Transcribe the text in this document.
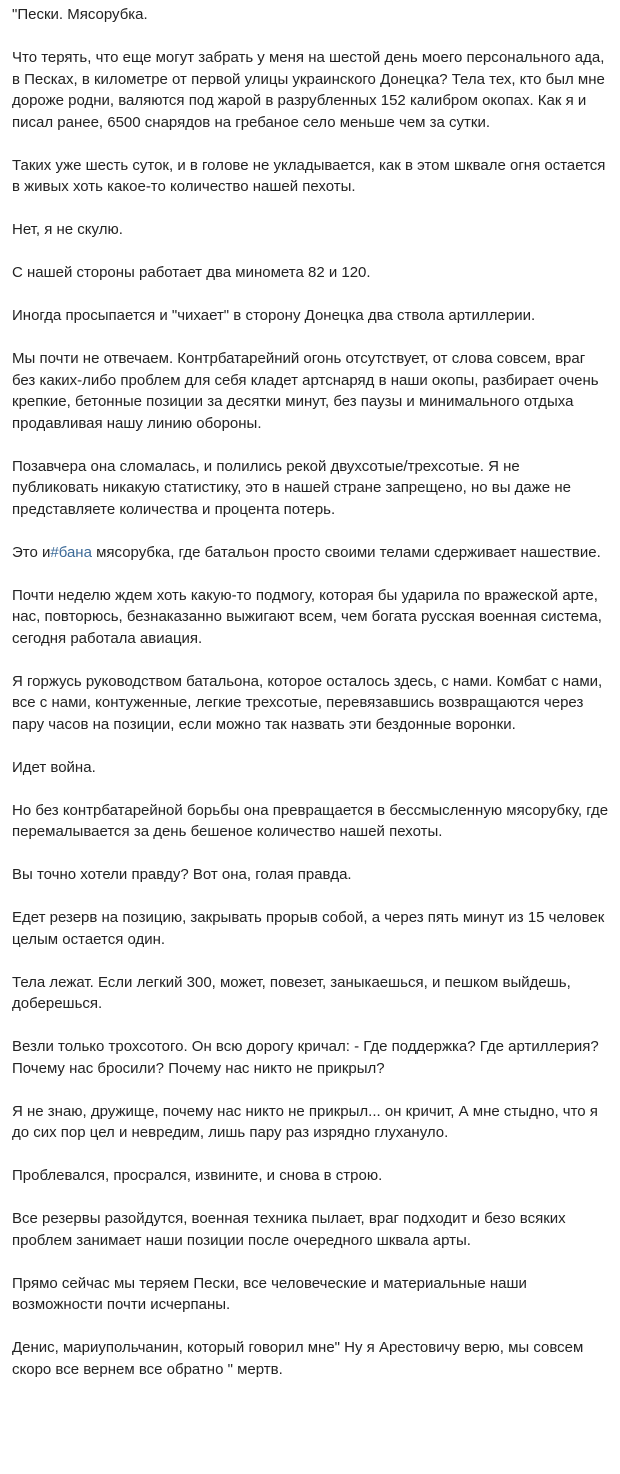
"Пески. Мясорубка.

Что терять, что еще могут забрать у меня на шестой день моего персонального ада, в Песках, в километре от первой улицы украинского Донецка? Тела тех, кто был мне дороже родни, валяются под жарой в разрубленных 152 калибром окопах. Как я и писал ранее, 6500 снарядов на гребаное село меньше чем за сутки.

Таких уже шесть суток, и в голове не укладывается, как в этом шквале огня остается в живых хоть какое-то количество нашей пехоты.

Нет, я не скулю.

С нашей стороны работает два миномета 82 и 120.

Иногда просыпается и "чихает" в сторону Донецка два ствола артиллерии.

Мы почти не отвечаем. Контрбатарейний огонь отсутствует, от слова совсем, враг без каких-либо проблем для себя кладет артснаряд в наши окопы, разбирает очень крепкие, бетонные позиции за десятки минут, без паузы и минимального отдыха продавливая нашу линию обороны.

Позавчера она сломалась, и полились рекой двухсотые/трехсотые. Я не публиковать никакую статистику, это в нашей стране запрещено, но вы даже не представляете количества и процента потерь.

Это и#бана мясорубка, где батальон просто своими телами сдерживает нашествие.

Почти неделю ждем хоть какую-то подмогу, которая бы ударила по вражеской арте, нас, повторюсь, безнаказанно выжигают всем, чем богата русская военная система, сегодня работала авиация.

Я горжусь руководством батальона, которое осталось здесь, с нами. Комбат с нами, все с нами, контуженные, легкие трехсотые, перевязавшись возвращаются через пару часов на позиции, если можно так назвать эти бездонные воронки.

Идет война.

Но без контрбатарейной борьбы она превращается в бессмысленную мясорубку, где перемалывается за день бешеное количество нашей пехоты.

Вы точно хотели правду? Вот она, голая правда.

Едет резерв на позицию, закрывать прорыв собой, а через пять минут из 15 человек целым остается один.

Тела лежат. Если легкий 300, может, повезет, заныкаешься, и пешком выйдешь, доберешься.

Везли только трохсотого. Он всю дорогу кричал: - Где поддержка? Где артиллерия? Почему нас бросили? Почему нас никто не прикрыл?

Я не знаю, дружище, почему нас никто не прикрыл... он кричит, А мне стыдно, что я до сих пор цел и невредим, лишь пару раз изрядно глухануло.

Проблевался, просрался, извините, и снова в строю.

Все резервы разойдутся, военная техника пылает, враг подходит и безо всяких проблем занимает наши позиции после очередного шквала арты.

Прямо сейчас мы теряем Пески, все человеческие и материальные наши возможности почти исчерпаны.

Денис, мариупольчанин, который говорил мне" Ну я Арестовичу верю, мы совсем скоро все вернем все обратно " мертв.
